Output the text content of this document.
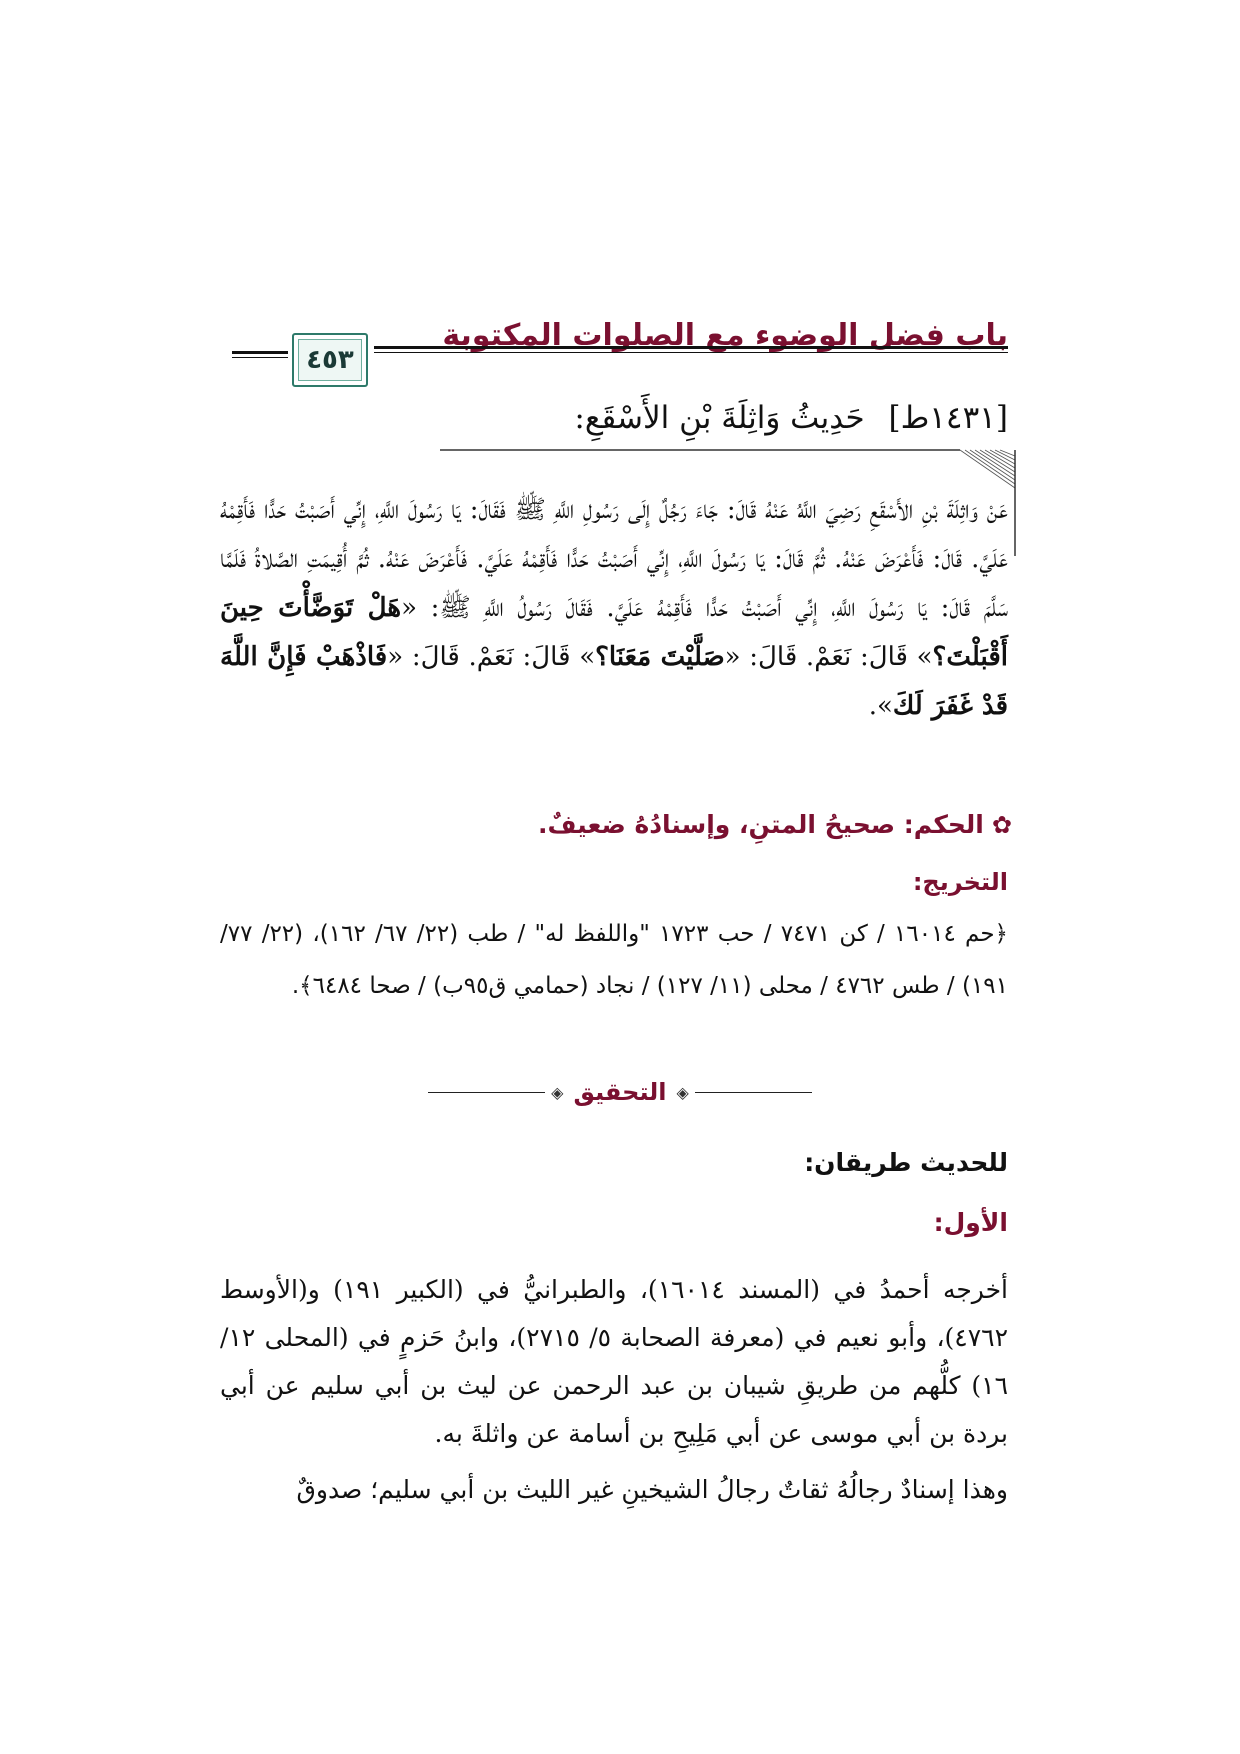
باب فضل الوضوء مع الصلوات المكتوبة
٤٥٣
[١٤٣١ط] حَدِيثُ وَاثِلَةَ بْنِ الأَسْقَعِ:
عَنْ وَاثِلَةَ بْنِ الأَسْقَعِ رَضِيَ اللَّهُ عَنْهُ قَالَ: جَاءَ رَجُلٌ إِلَى رَسُولِ اللَّهِ ﷺ فَقَالَ: يَا رَسُولَ اللَّهِ، إِنِّي أَصَبْتُ حَدًّا فَأَقِمْهُ عَلَيَّ. قَالَ: فَأَعْرَضَ عَنْهُ. ثُمَّ قَالَ: يَا رَسُولَ اللَّهِ، إِنِّي أَصَبْتُ حَدًّا فَأَقِمْهُ عَلَيَّ. فَأَعْرَضَ عَنْهُ. ثُمَّ أُقِيمَتِ الصَّلاةُ فَلَمَّا سَلَّمَ قَالَ: يَا رَسُولَ اللَّهِ، إِنِّي أَصَبْتُ حَدًّا فَأَقِمْهُ عَلَيَّ. فَقَالَ رَسُولُ اللَّهِ ﷺ: «هَلْ تَوَضَّأْتَ حِينَ أَقْبَلْتَ؟» قَالَ: نَعَمْ. قَالَ: «صَلَّيْتَ مَعَنَا؟» قَالَ: نَعَمْ. قَالَ: «فَاذْهَبْ فَإِنَّ اللَّهَ قَدْ غَفَرَ لَكَ».
✿الحكم: صحيحُ المتنِ، وإسنادُهُ ضعيفٌ.
التخريج:
﴿حم ١٦٠١٤ / كن ٧٤٧١ / حب ١٧٢٣ "واللفظ له" / طب (٢٢/ ٦٧/ ١٦٢)، (٢٢/ ٧٧/ ١٩١) / طس ٤٧٦٢ / محلى (١١/ ١٢٧) / نجاد (حمامي ق٩٥ب) / صحا ٦٤٨٤﴾.
◈
التحقيق
◈
للحديث طريقان:
الأول:

أخرجه أحمدُ في (المسند ١٦٠١٤)، والطبرانيُّ في (الكبير ١٩١) و(الأوسط ٤٧٦٢)، وأبو نعيم في (معرفة الصحابة ٥/ ٢٧١٥)، وابنُ حَزمٍ في (المحلى ١٢/ ١٦) كلُّهم من طريقِ شيبان بن عبد الرحمن عن ليث بن أبي سليم عن أبي بردة بن أبي موسى عن أبي مَلِيحِ بن أسامة عن واثلةَ به.

وهذا إسنادٌ رجالُهُ ثقاتٌ رجالُ الشيخينِ غير الليث بن أبي سليم؛ صدوقٌ
